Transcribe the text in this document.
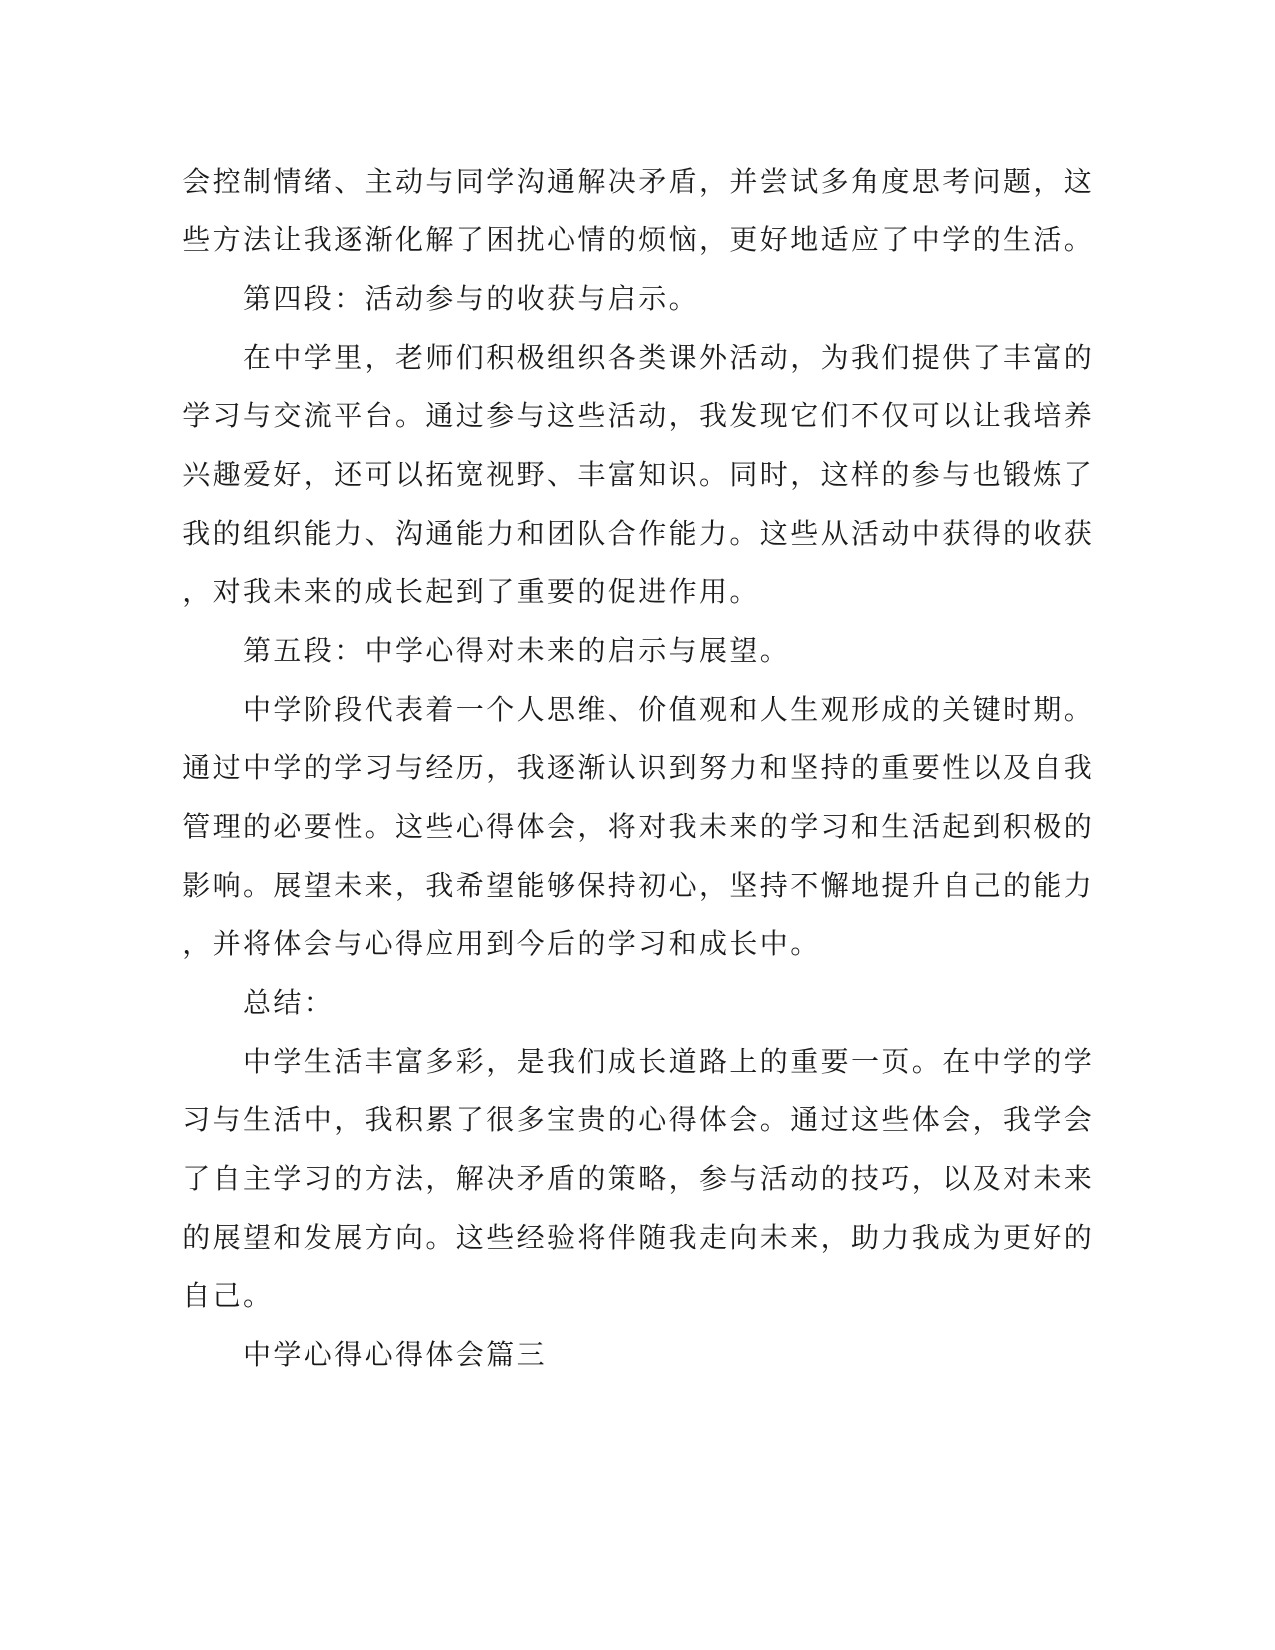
会 控 制 情 绪 、 主 动 与 同 学 沟 通 解 决 矛 盾 ， 并 尝 试 多 角 度 思 考 问 题 ， 这
些 方 法 让 我 逐 渐 化 解 了 困 扰 心 情 的 烦 恼 ， 更 好 地 适 应 了 中 学 的 生 活 。
第 四 段 ： 活 动 参 与 的 收 获 与 启 示 。
在 中 学 里 ， 老 师 们 积 极 组 织 各 类 课 外 活 动 ， 为 我 们 提 供 了 丰 富 的
学 习 与 交 流 平 台 。 通 过 参 与 这 些 活 动 ， 我 发 现 它 们 不 仅 可 以 让 我 培 养
兴 趣 爱 好 ， 还 可 以 拓 宽 视 野 、 丰 富 知 识 。 同 时 ， 这 样 的 参 与 也 锻 炼 了
我 的 组 织 能 力 、 沟 通 能 力 和 团 队 合 作 能 力 。 这 些 从 活 动 中 获 得 的 收 获
， 对 我 未 来 的 成 长 起 到 了 重 要 的 促 进 作 用 。
第 五 段 ： 中 学 心 得 对 未 来 的 启 示 与 展 望 。
中 学 阶 段 代 表 着 一 个 人 思 维 、 价 值 观 和 人 生 观 形 成 的 关 键 时 期 。
通 过 中 学 的 学 习 与 经 历 ， 我 逐 渐 认 识 到 努 力 和 坚 持 的 重 要 性 以 及 自 我
管 理 的 必 要 性 。 这 些 心 得 体 会 ， 将 对 我 未 来 的 学 习 和 生 活 起 到 积 极 的
影 响 。 展 望 未 来 ， 我 希 望 能 够 保 持 初 心 ， 坚 持 不 懈 地 提 升 自 己 的 能 力
， 并 将 体 会 与 心 得 应 用 到 今 后 的 学 习 和 成 长 中 。
总 结 ：
中 学 生 活 丰 富 多 彩 ， 是 我 们 成 长 道 路 上 的 重 要 一 页 。 在 中 学 的 学
习 与 生 活 中 ， 我 积 累 了 很 多 宝 贵 的 心 得 体 会 。 通 过 这 些 体 会 ， 我 学 会
了 自 主 学 习 的 方 法 ， 解 决 矛 盾 的 策 略 ， 参 与 活 动 的 技 巧 ， 以 及 对 未 来
的 展 望 和 发 展 方 向 。 这 些 经 验 将 伴 随 我 走 向 未 来 ， 助 力 我 成 为 更 好 的
自 己 。
中 学 心 得 心 得 体 会 篇 三
